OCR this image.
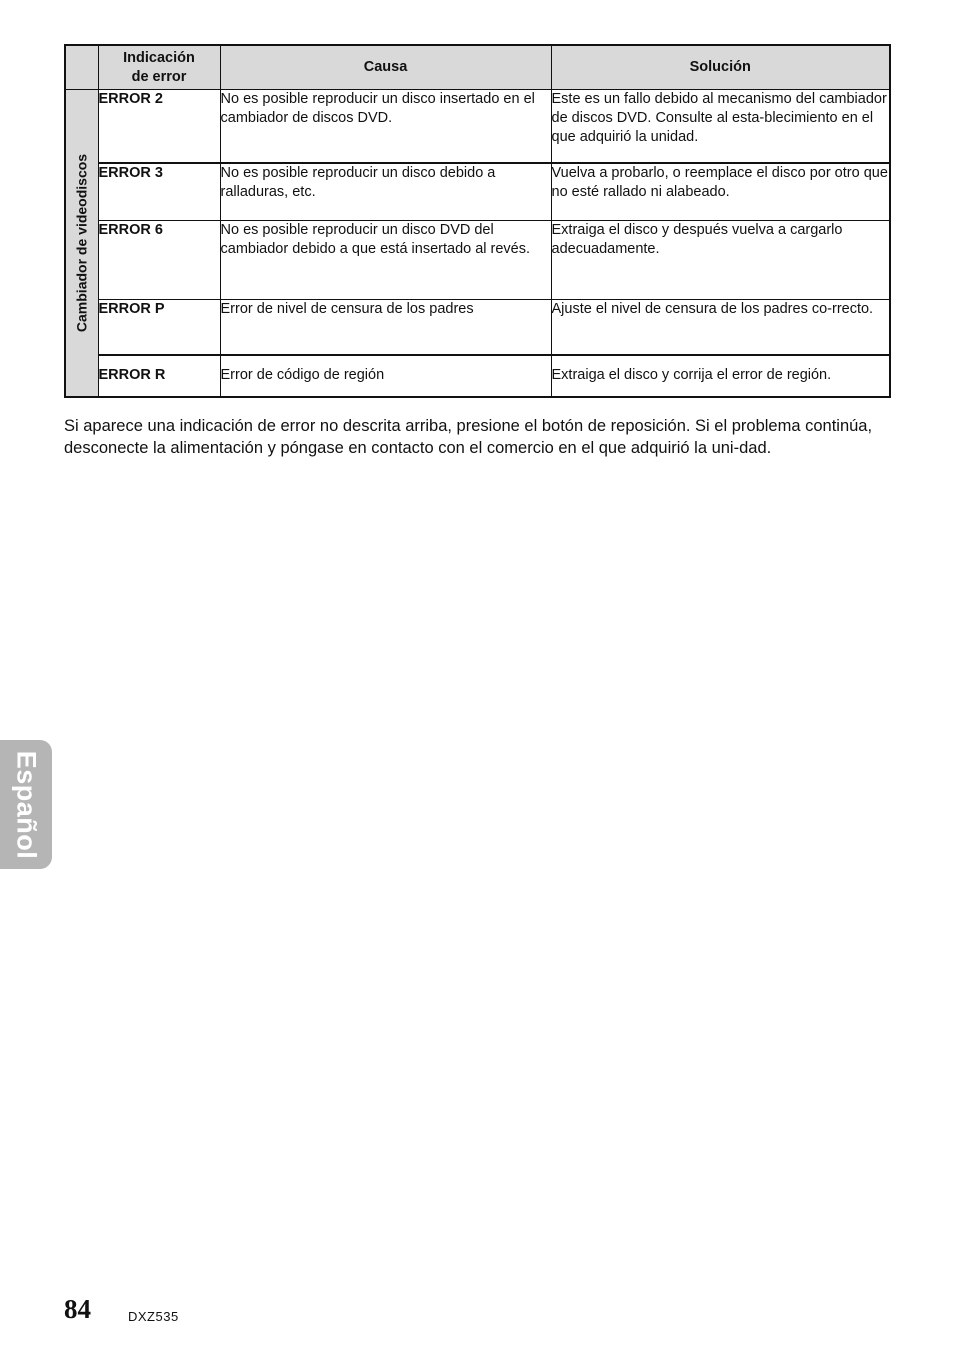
	Indicación
de error	Causa	Solución

Cambiador de videodiscos	ERROR 2	No es posible reproducir un disco insertado en el cambiador de discos DVD.	Este es un fallo debido al mecanismo del cambiador de discos DVD. Consulte al esta-blecimiento en el que adquirió la unidad.
	ERROR 3	No es posible reproducir un disco debido a ralladuras, etc.	Vuelva a probarlo, o reemplace el disco por otro que no esté rallado ni alabeado.
	ERROR 6	No es posible reproducir un disco DVD del cambiador debido a que está insertado al revés.	Extraiga el disco y después vuelva a cargarlo adecuadamente.
	ERROR P	Error de nivel de censura de los padres	Ajuste el nivel de censura de los padres co-rrecto.
	ERROR R	Error de código de región	Extraiga el disco y corrija el error de región.

Si aparece una indicación de error no descrita arriba, presione el botón de reposición. Si el problema continúa, desconecte la alimentación y póngase en contacto con el comercio en el que adquirió la uni-dad.

Español
84	DXZ535
